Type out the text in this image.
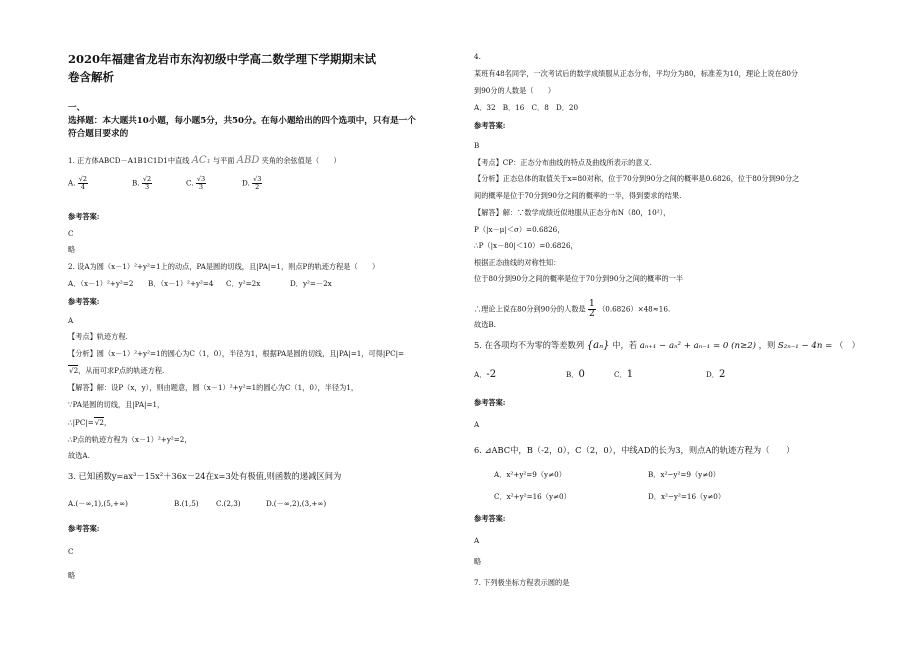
2020年福建省龙岩市东沟初级中学高二数学理下学期期末试
卷含解析
一、
选择题：本大题共10小题，每小题5分，共50分。在每小题给出的四个选项中，只有是一个
符合题目要求的
1. 正方体ABCD－A1B1C1D1中直线 AC₁ 与平面 ABD 夹角的余弦值是（　　）
A. $\frac{√2}{4}$	B. $\frac{√2}{3}$	C. $\frac{√3}{3}$	D. $\frac{√3}{2}$
参考答案:
C
略
2. 设A为圆（x－1）²+y²=1上的动点，PA是圆的切线，且|PA|=1，则点P的轨迹方程是（　　）
A．（x－1）²+y²=2 B．（x－1）²+y²=4 C．y²=2x	D．y²=－2x
参考答案:
A
【考点】轨迹方程.
【分析】圆（x－1）²+y²=1的圆心为C（1，0），半径为1，根据PA是圆的切线，且|PA|=1，可得|PC|=
√2，从而可求P点的轨迹方程.
【解答】解：设P（x，y），则由题意，圆（x－1）²+y²=1的圆心为C（1，0），半径为1，
∵PA是圆的切线，且|PA|=1，
∴|PC|=√2，
∴P点的轨迹方程为（x－1）²+y²=2，
故选A.
3. 已知函数y=ax³－15x²＋36x－24在x=3处有极值,则函数的递减区间为
A.(－∞,1),(5,+∞)	B.(1,5) C.(2,3)	D.(－∞,2),(3,+∞)
参考答案:
C
略
4.
某班有48名同学，一次考试后的数学成绩服从正态分布，平均分为80，标准差为10，理论上说在80分
到90分的人数是（　　）
A．32　B．16　C．8　D．20
参考答案:
B
【考点】CP：正态分布曲线的特点及曲线所表示的意义.
【分析】正态总体的取值关于x=80对称，位于70分到90分之间的概率是0.6826，位于80分到90分之
间的概率是位于70分到90分之间的概率的一半，得到要求的结果.
【解答】解：∵数学成绩近似地服从正态分布N（80，10²），
P（|x－μ|＜σ）=0.6826，
∴P（|x－80|＜10）=0.6826，
根据正态曲线的对称性知：
位于80分到90分之间的概率是位于70分到90分之间的概率的一半
∴理论上说在80分到90分的人数是 $\frac{1}{2} (0.6826)\times 48\approx 16$.
故选B.
5. 在各项均不为零的等差数列 {aₙ} 中，若 aₙ₊₁ − aₙ² + aₙ₋₁ = 0 (n≥2) ，则 S₂ₙ₋₁ − 4n = （　）
A．-2	B．0	C．1	D．2
参考答案:
A
6. ⊿ABC中，B（-2，0），C（2，0），中线AD的长为3，则点A的轨迹方程为（　　）
A．x²+y²=9（y≠0）	B．x²−y²=9（y≠0）
C．x²+y²=16（y≠0）	D．x²−y²=16（y≠0）
参考答案:
A
略
7. 下列极坐标方程表示圆的是
